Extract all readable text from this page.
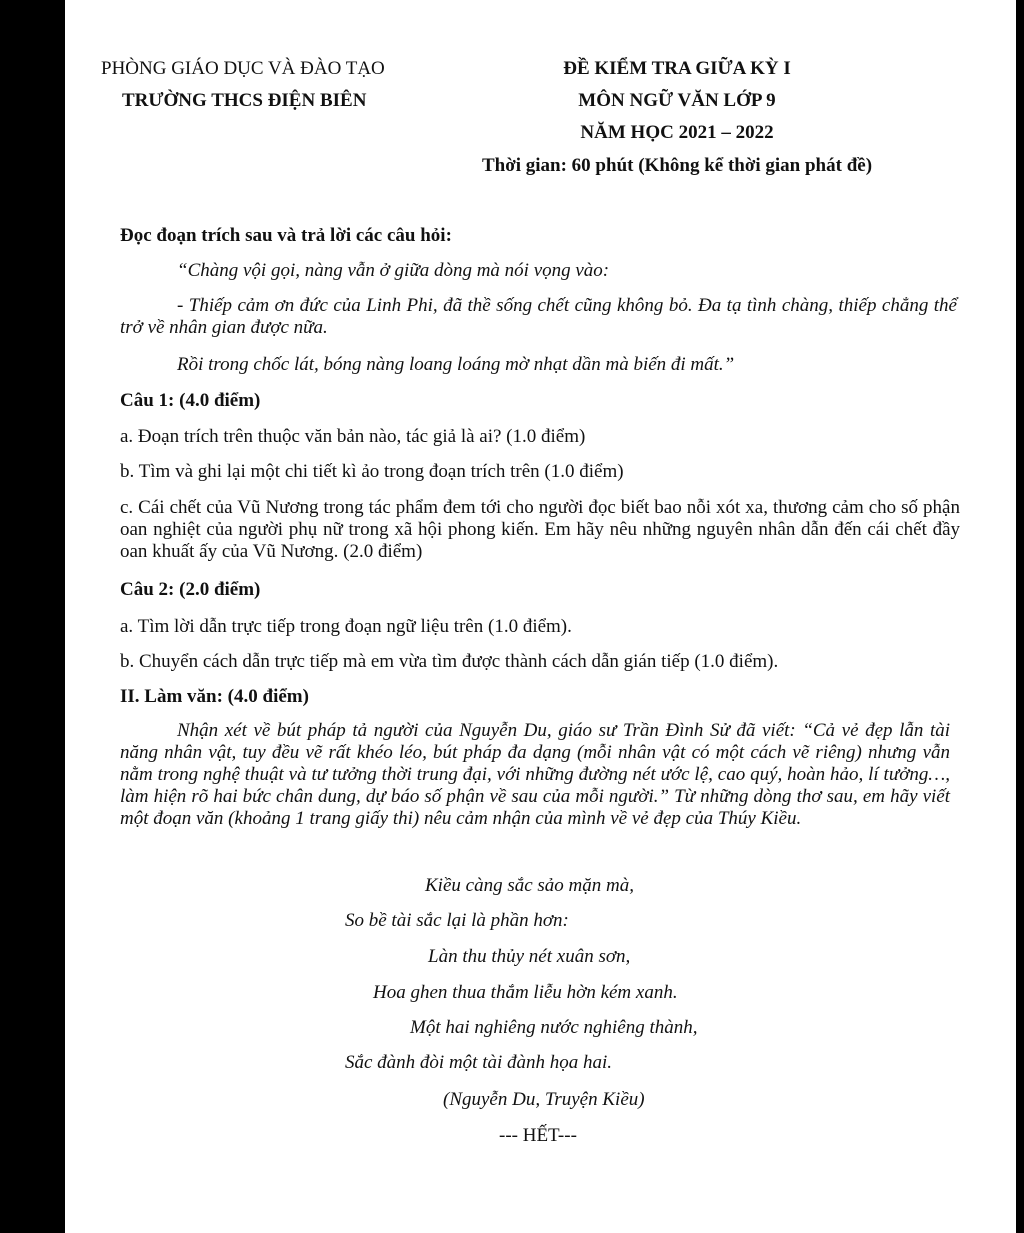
PHÒNG GIÁO DỤC VÀ ĐÀO TẠO
TRƯỜNG THCS ĐIỆN BIÊN
ĐỀ KIỂM TRA GIỮA KỲ I
MÔN NGỮ VĂN LỚP 9
NĂM HỌC 2021 – 2022
Thời gian: 60 phút (Không kể thời gian phát đề)
Đọc đoạn trích sau và trả lời các câu hỏi:
“Chàng vội gọi, nàng vẫn ở giữa dòng mà nói vọng vào:
- Thiếp cảm ơn đức của Linh Phi, đã thề sống chết cũng không bỏ. Đa tạ tình chàng, thiếp chẳng thể trở về nhân gian được nữa.
Rồi trong chốc lát, bóng nàng loang loáng mờ nhạt dần mà biến đi mất.”
Câu 1: (4.0 điểm)
a. Đoạn trích trên thuộc văn bản nào, tác giả là ai? (1.0 điểm)
b. Tìm và ghi lại một chi tiết kì ảo trong đoạn trích trên (1.0 điểm)
c. Cái chết của Vũ Nương trong tác phẩm đem tới cho người đọc biết bao nỗi xót xa, thương cảm cho số phận oan nghiệt của người phụ nữ trong xã hội phong kiến. Em hãy nêu những nguyên nhân dẫn đến cái chết đầy oan khuất ấy của Vũ Nương. (2.0 điểm)
Câu 2: (2.0 điểm)
a. Tìm lời dẫn trực tiếp trong đoạn ngữ liệu trên (1.0 điểm).
b. Chuyển cách dẫn trực tiếp mà em vừa tìm được thành cách dẫn gián tiếp (1.0 điểm).
II. Làm văn: (4.0 điểm)
Nhận xét về bút pháp tả người của Nguyễn Du, giáo sư Trần Đình Sử đã viết: “Cả vẻ đẹp lẫn tài năng nhân vật, tuy đều vẽ rất khéo léo, bút pháp đa dạng (mỗi nhân vật có một cách vẽ riêng) nhưng vẫn nằm trong nghệ thuật và tư tưởng thời trung đại, với những đường nét ước lệ, cao quý, hoàn hảo, lí tưởng…, làm hiện rõ hai bức chân dung, dự báo số phận về sau của mỗi người.” Từ những dòng thơ sau, em hãy viết một đoạn văn (khoảng 1 trang giấy thi) nêu cảm nhận của mình về vẻ đẹp của Thúy Kiều.
Kiều càng sắc sảo mặn mà,
So bề tài sắc lại là phần hơn:
Làn thu thủy nét xuân sơn,
Hoa ghen thua thắm liễu hờn kém xanh.
Một hai nghiêng nước nghiêng thành,
Sắc đành đòi một tài đành họa hai.
(Nguyễn Du, Truyện Kiều)
--- HẾT---
